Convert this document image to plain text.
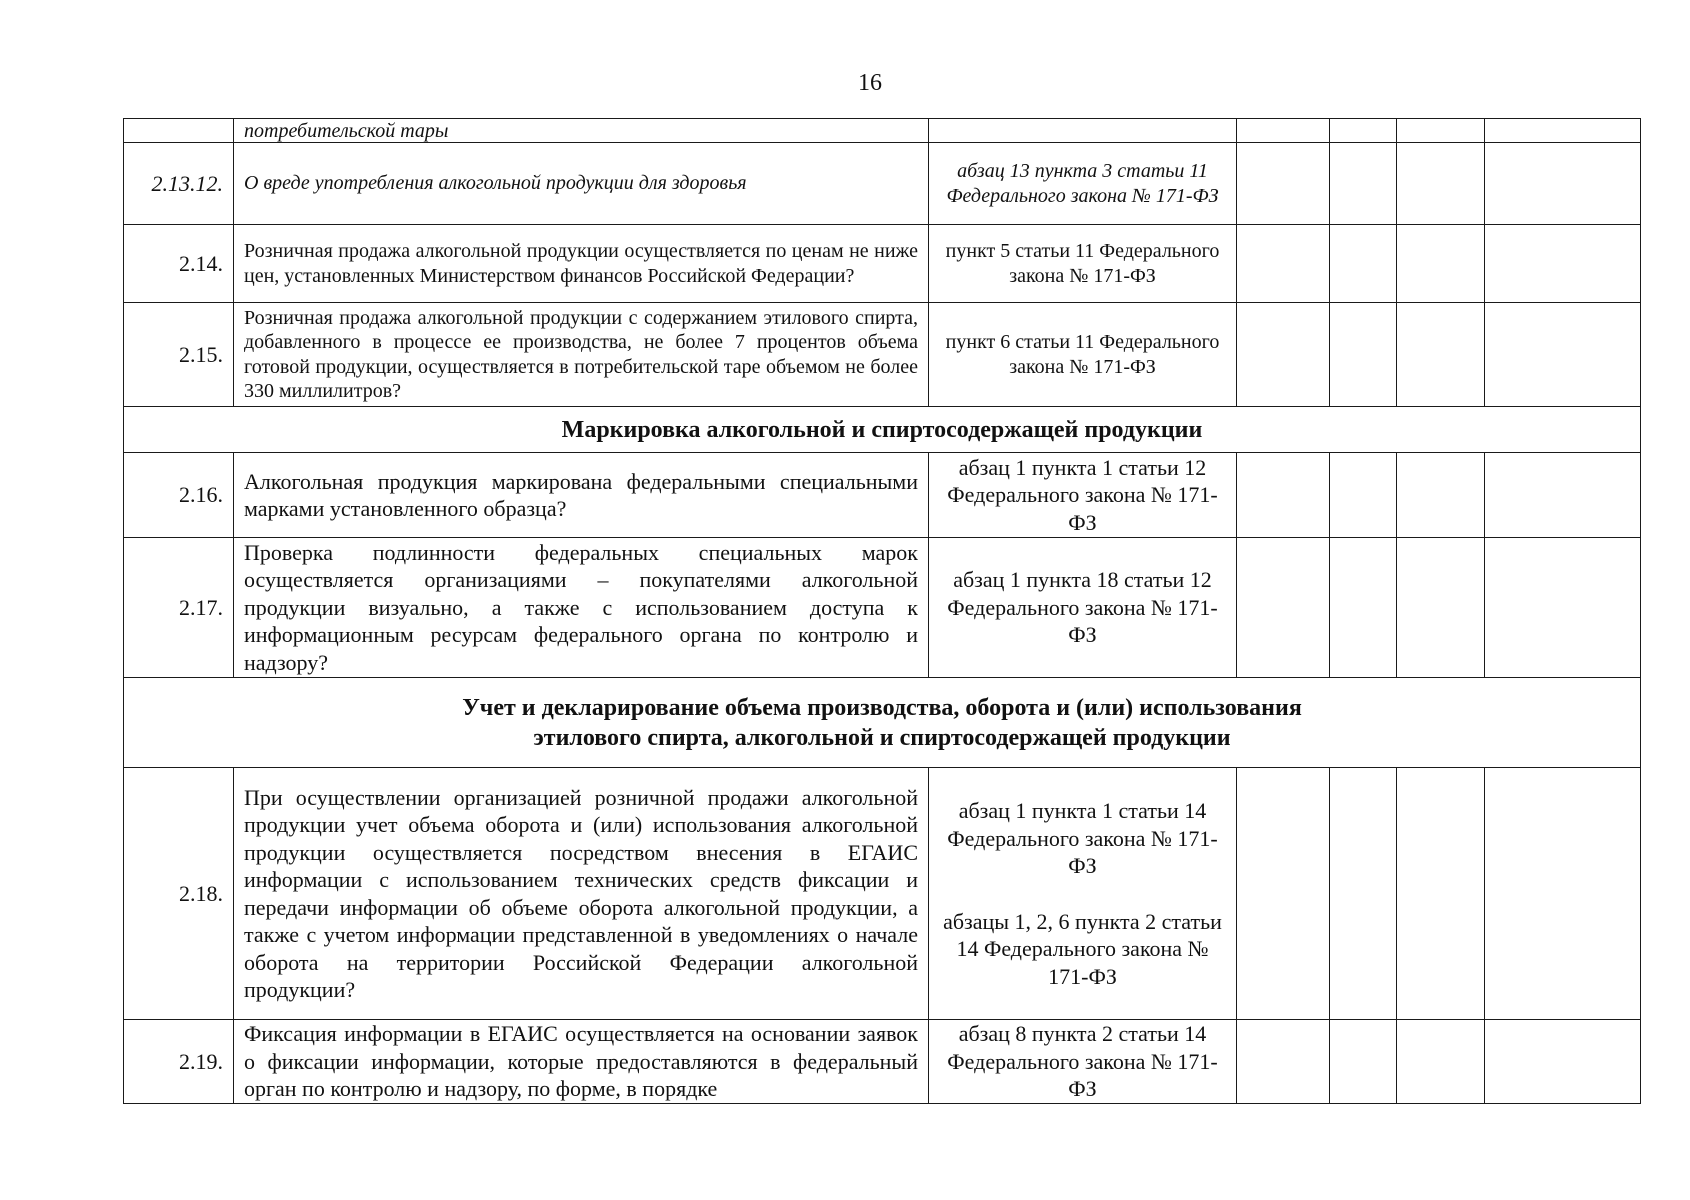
16
	потребительской тары					
2.13.12.	О вреде употребления алкогольной продукции для здоровья	абзац 13 пункта 3 статьи 11 Федерального закона № 171-ФЗ				
2.14.	Розничная продажа алкогольной продукции осуществляется по ценам не ниже цен, установленных Министерством финансов Российской Федерации?	пункт 5 статьи 11 Федерального закона № 171-ФЗ				
2.15.	Розничная продажа алкогольной продукции с содержанием этилового спирта, добавленного в процессе ее производства, не более 7 процентов объема готовой продукции, осуществляется в потребительской таре объемом не более 330 миллилитров?	пункт 6 статьи 11 Федерального закона № 171-ФЗ				
Маркировка алкогольной и спиртосодержащей продукции						
2.16.	Алкогольная продукция маркирована федеральными специальными марками установленного образца?	абзац 1 пункта 1 статьи 12 Федерального закона № 171-ФЗ				
2.17.	Проверка подлинности федеральных специальных марок осуществляется организациями – покупателями алкогольной продукции визуально, а также с использованием доступа к информационным ресурсам федерального органа по контролю и надзору?	абзац 1 пункта 18 статьи 12 Федерального закона № 171-ФЗ				

Учет и декларирование объема производства, оборота и (или) использования
этилового спирта, алкогольной и спиртосодержащей продукции						

2.18.	При осуществлении организацией розничной продажи алкогольной продукции учет объема оборота и (или) использования алкогольной продукции осуществляется посредством внесения в ЕГАИС информации с использованием технических средств фиксации и передачи информации об объеме оборота алкогольной продукции, а также с учетом информации представленной в уведомлениях о начале оборота на территории Российской Федерации алкогольной продукции?	абзац 1 пункта 1 статьи 14 Федерального закона № 171-ФЗ
абзацы 1, 2, 6 пункта 2 статьи 14 Федерального закона № 171-ФЗ				

2.19.	Фиксация информации в ЕГАИС осуществляется на основании заявок о фиксации информации, которые предоставляются в федеральный орган по контролю и надзору, по форме, в порядке	абзац 8 пункта 2 статьи 14 Федерального закона № 171-ФЗ				
